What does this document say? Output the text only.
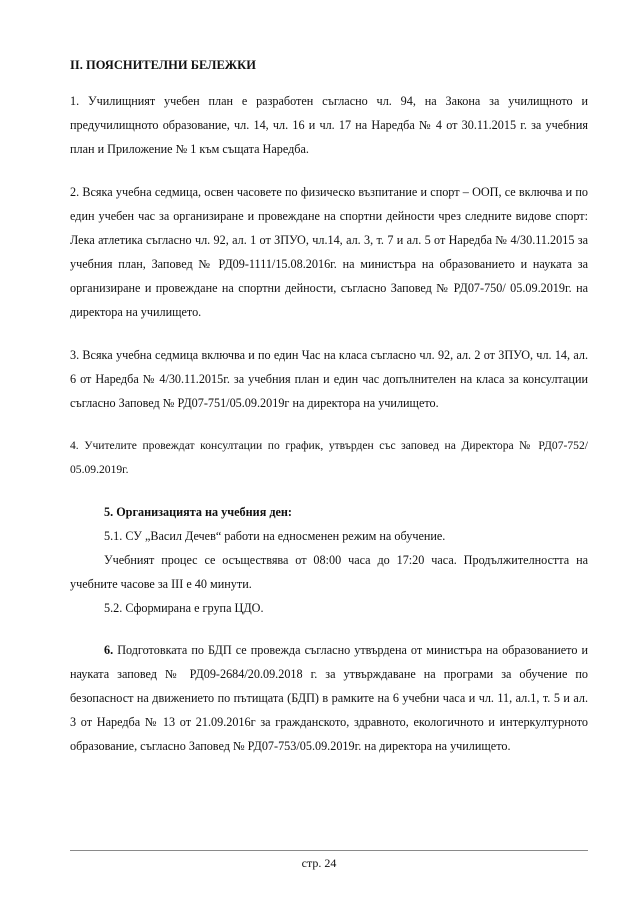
II. ПОЯСНИТЕЛНИ БЕЛЕЖКИ

1. Училищният учебен план е разработен съгласно чл. 94, на Закона за училищното и предучилищното образование, чл. 14, чл. 16 и чл. 17 на Наредба № 4 от 30.11.2015 г. за учебния план и Приложение № 1 към същата Наредба.

2. Всяка учебна седмица, освен часовете по физическо възпитание и спорт – ООП, се включва и по един учебен час за организиране и провеждане на спортни дейности чрез следните видове спорт: Лека атлетика съгласно чл. 92, ал. 1 от ЗПУО, чл.14, ал. 3, т. 7 и ал. 5 от Наредба № 4/30.11.2015 за учебния план, Заповед № РД09-1111/15.08.2016г. на министъра на образованието и науката за организиране и провеждане на спортни дейности, съгласно Заповед № РД07-750/ 05.09.2019г. на директора на училището.

3. Всяка учебна седмица включва и по един Час на класа съгласно чл. 92, ал. 2 от ЗПУО, чл. 14, ал. 6 от Наредба № 4/30.11.2015г. за учебния план и един час допълнителен на класа за консултации съгласно Заповед № РД07-751/05.09.2019г на директора на училището.

4. Учителите провеждат консултации по график, утвърден със заповед на Директора № РД07-752/ 05.09.2019г.

5. Организацията на учебния ден:

5.1. СУ „Васил Дечев“ работи на едносменен режим на обучение.

Учебният процес се осъществява от 08:00 часа до 17:20 часа. Продължителността на учебните часове за III е 40 минути.

5.2. Сформирана е група ЦДО.

6. Подготовката по БДП се провежда съгласно утвърдена от министъра на образованието и науката заповед № РД09-2684/20.09.2018 г. за утвърждаване на програми за обучение по безопасност на движението по пътищата (БДП) в рамките на 6 учебни часа и чл. 11, ал.1, т. 5 и ал. 3 от Наредба № 13 от 21.09.2016г за гражданското, здравното, екологичното и интеркултурното образование, съгласно Заповед № РД07-753/05.09.2019г. на директора на училището.

стр. 24
